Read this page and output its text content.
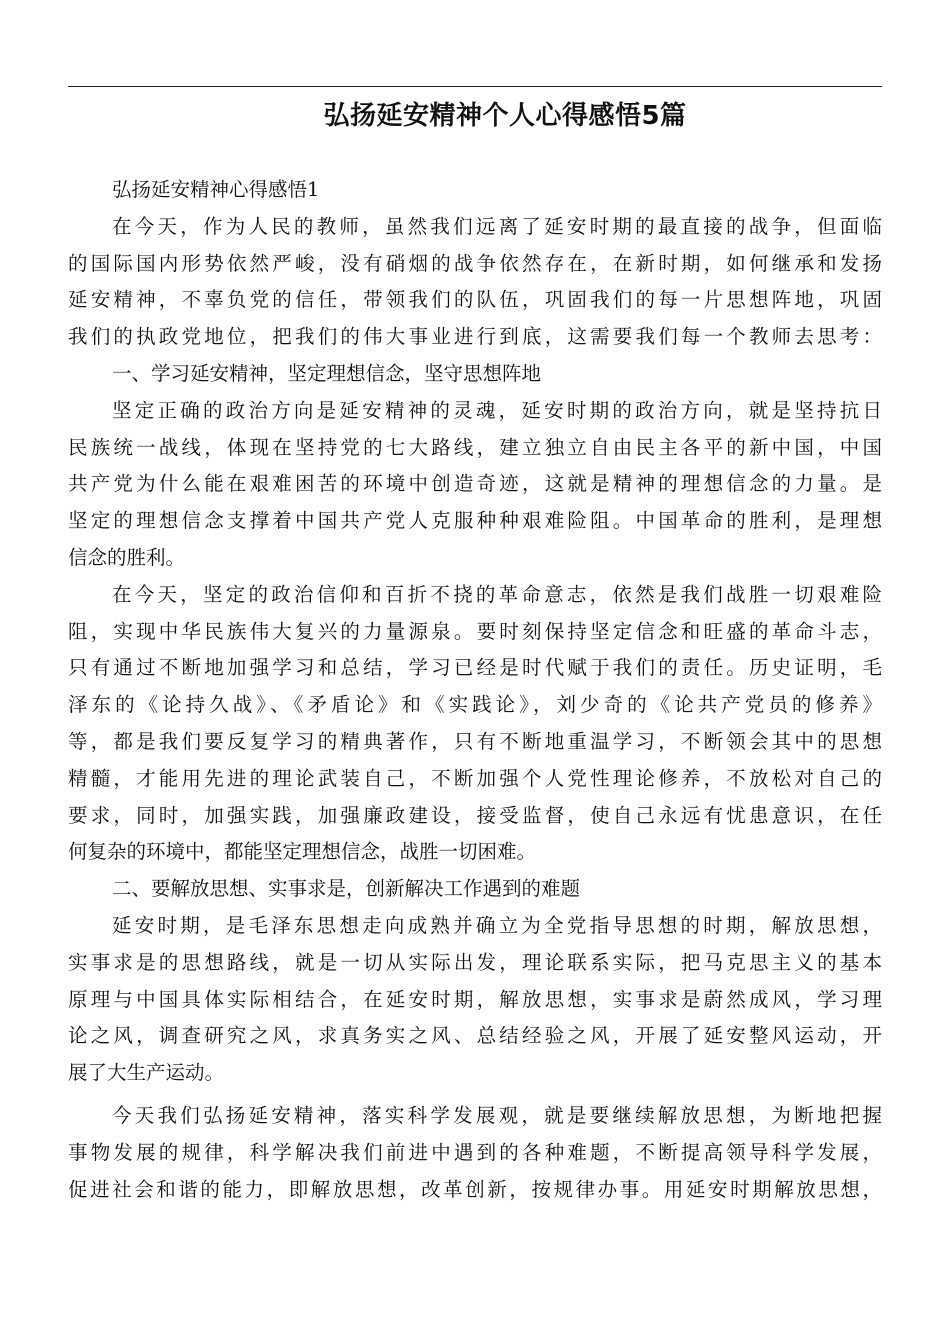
弘扬延安精神个人心得感悟5篇
弘扬延安精神心得感悟1
在今天，作为人民的教师，虽然我们远离了延安时期的最直接的战争，但面临
的国际国内形势依然严峻，没有硝烟的战争依然存在，在新时期，如何继承和发扬
延安精神，不辜负党的信任，带领我们的队伍，巩固我们的每一片思想阵地，巩固
我们的执政党地位，把我们的伟大事业进行到底，这需要我们每一个教师去思考：
一、学习延安精神，坚定理想信念，坚守思想阵地
坚定正确的政治方向是延安精神的灵魂，延安时期的政治方向，就是坚持抗日
民族统一战线，体现在坚持党的七大路线，建立独立自由民主各平的新中国，中国
共产党为什么能在艰难困苦的环境中创造奇迹，这就是精神的理想信念的力量。是
坚定的理想信念支撑着中国共产党人克服种种艰难险阻。中国革命的胜利，是理想
信念的胜利。
在今天，坚定的政治信仰和百折不挠的革命意志，依然是我们战胜一切艰难险
阻，实现中华民族伟大复兴的力量源泉。要时刻保持坚定信念和旺盛的革命斗志，
只有通过不断地加强学习和总结，学习已经是时代赋于我们的责任。历史证明，毛
泽东的《论持久战》、《矛盾论》和《实践论》，刘少奇的《论共产党员的修养》
等，都是我们要反复学习的精典著作，只有不断地重温学习，不断领会其中的思想
精髓，才能用先进的理论武装自己，不断加强个人党性理论修养，不放松对自己的
要求，同时，加强实践，加强廉政建设，接受监督，使自己永远有忧患意识，在任
何复杂的环境中，都能坚定理想信念，战胜一切困难。
二、要解放思想、实事求是，创新解决工作遇到的难题
延安时期，是毛泽东思想走向成熟并确立为全党指导思想的时期，解放思想，
实事求是的思想路线，就是一切从实际出发，理论联系实际，把马克思主义的基本
原理与中国具体实际相结合，在延安时期，解放思想，实事求是蔚然成风，学习理
论之风，调查研究之风，求真务实之风、总结经验之风，开展了延安整风运动，开
展了大生产运动。
今天我们弘扬延安精神，落实科学发展观，就是要继续解放思想，为断地把握
事物发展的规律，科学解决我们前进中遇到的各种难题，不断提高领导科学发展，
促进社会和谐的能力，即解放思想，改革创新，按规律办事。用延安时期解放思想，
